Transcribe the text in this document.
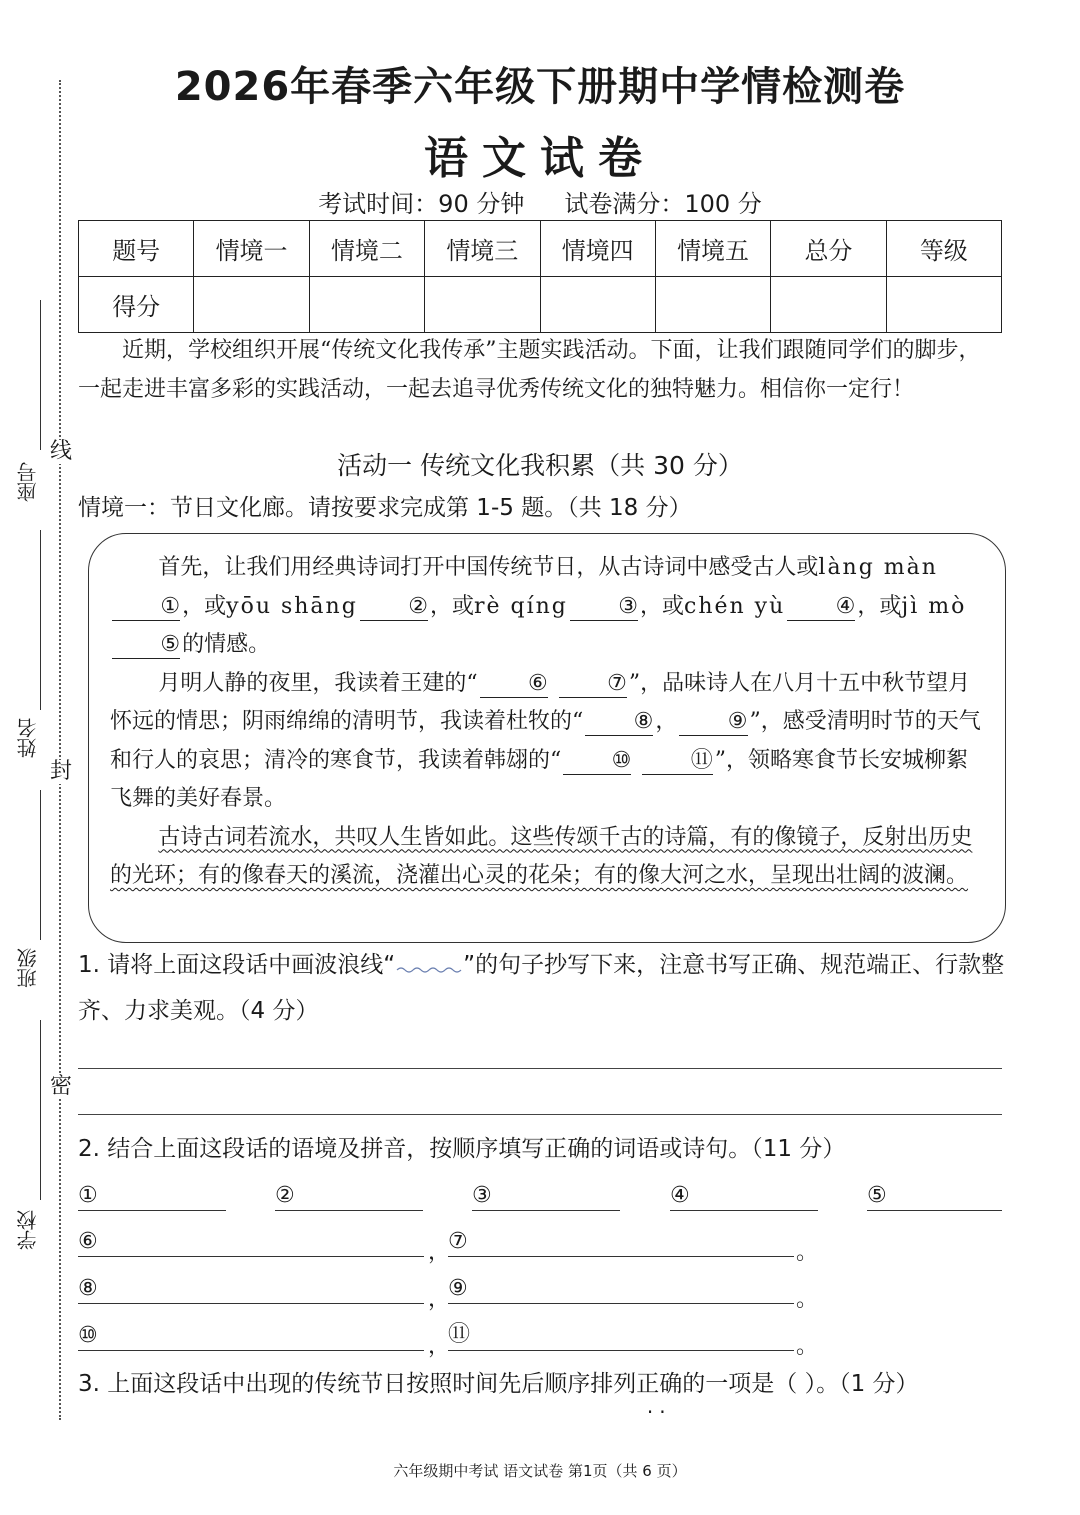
线
封
密
座号
姓名
班级
学校
2026年春季六年级下册期中学情检测卷
语文试卷
考试时间：90 分钟 试卷满分：100 分
题号	情境一	情境二	情境三	情境四	情境五	总分	等级
得分							
近期，学校组织开展“传统文化我传承”主题实践活动。下面，让我们跟随同学们的脚步，一起走进丰富多彩的实践活动，一起去追寻优秀传统文化的独特魅力。相信你一定行！
活动一 传统文化我积累（共 30 分）
情境一：节日文化廊。请按要求完成第 1-5 题。（共 18 分）

首先，让我们用经典诗词打开中国传统节日，从古诗词中感受古人或làng màn①，或yōu shāng ②，或rè qíng ③，或chén yù ④，或jì mò⑤的情感。

月明人静的夜里，我读着王建的“ ⑥	⑦”，品味诗人在八月十五中秋节望月怀远的情思；阴雨绵绵的清明节，我读着杜牧的“ ⑧， ⑨”，感受清明时节的天气和行人的哀思；清冷的寒食节，我读着韩翃的“ ⑩	⑪”，领略寒食节长安城柳絮飞舞的美好春景。

古诗古词若流水，共叹人生皆如此。这些传颂千古的诗篇，有的像镜子，反射出历史的光环；有的像春天的溪流，浇灌出心灵的花朵；有的像大河之水，呈现出壮阔的波澜。

1. 请将上面这段话中画波浪线“	”的句子抄写下来，注意书写正确、规范端正、行款整齐、力求美观。（4 分）
2. 结合上面这段话的语境及拼音，按顺序填写正确的词语或诗句。（11 分）
①	②	③	④	⑤
⑥	，
⑦	。
⑧	，
⑨	。
⑩	，
⑪	。
3. 上面这段话中出现的传统节日按照时间先后顺序排列正确 ··的一项是（ ）。（1 分）
六年级期中考试 语文试卷 第1页（共 6 页）
